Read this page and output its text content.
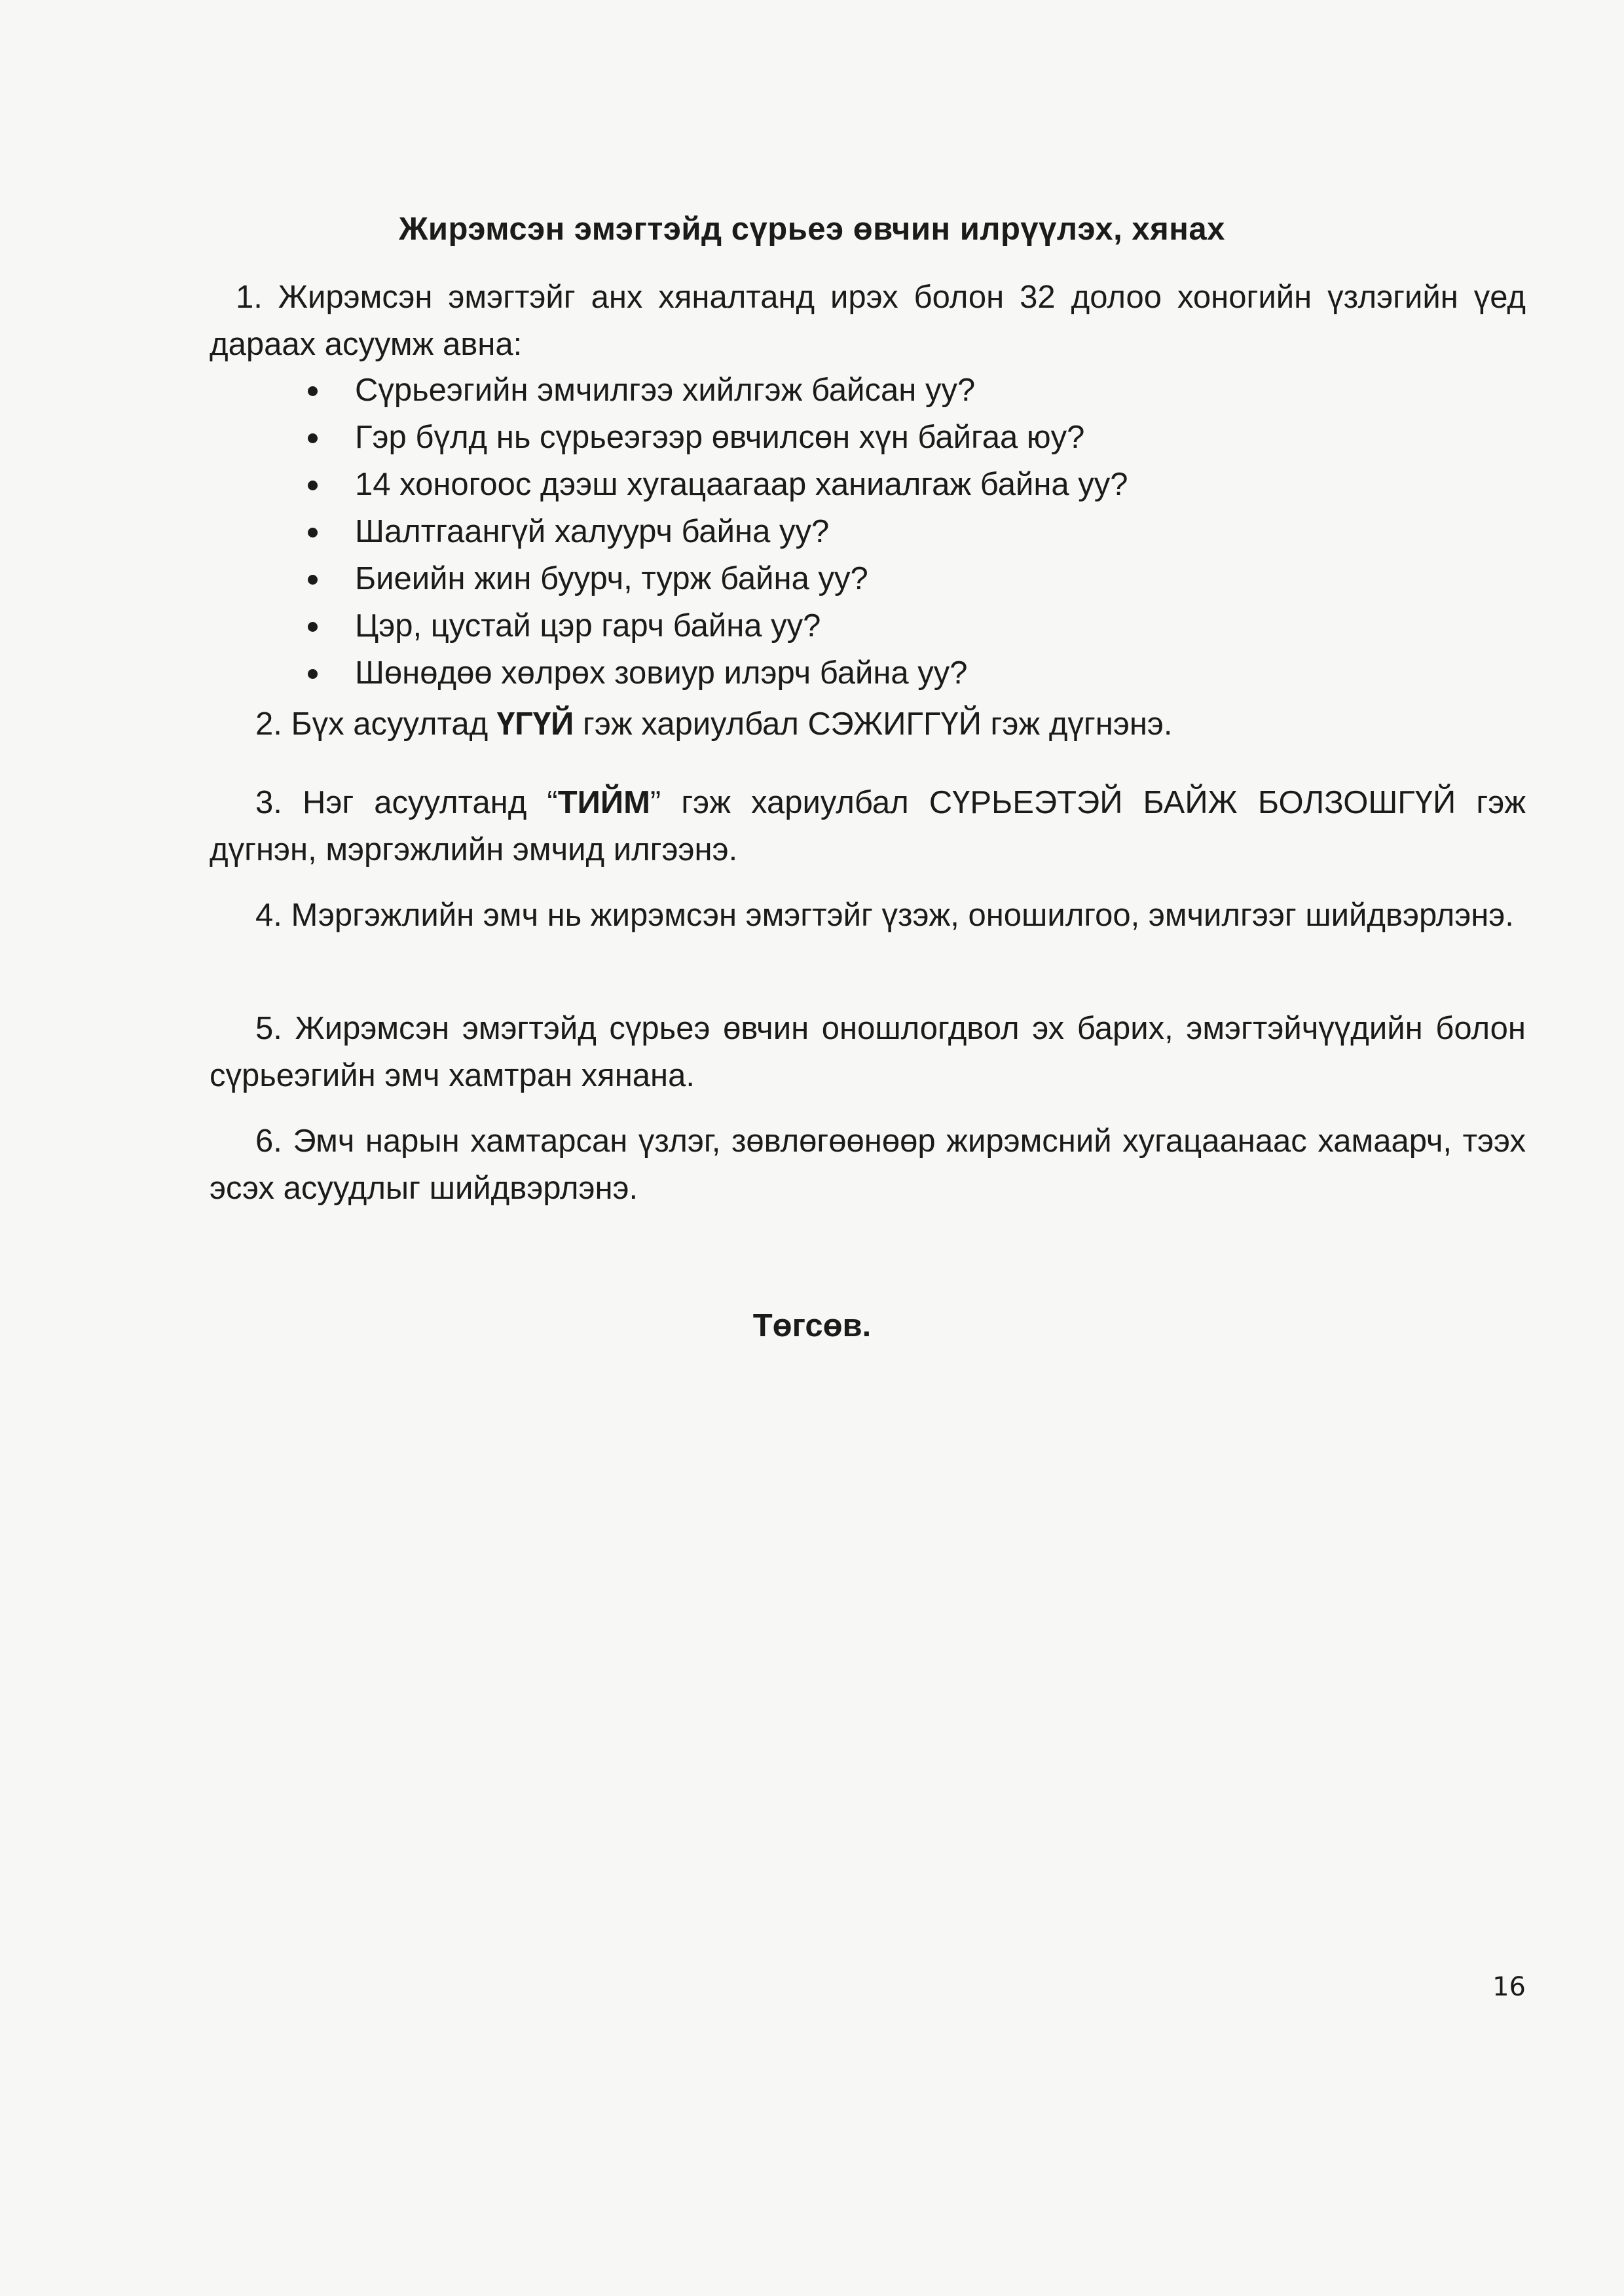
Жирэмсэн эмэгтэйд сүрьеэ өвчин илрүүлэх, хянах
1. Жирэмсэн эмэгтэйг анх хяналтанд ирэх болон 32 долоо хоногийн үзлэгийн үед дараах асуумж авна:
Сүрьеэгийн эмчилгээ хийлгэж байсан уу?
Гэр бүлд нь сүрьеэгээр өвчилсөн хүн байгаа юу?
14 хоногоос дээш хугацаагаар ханиалгаж байна уу?
Шалтгаангүй халуурч байна уу?
Биеийн жин буурч, турж байна уу?
Цэр, цустай цэр гарч байна уу?
Шөнөдөө хөлрөх зовиур илэрч байна уу?
2. Бүх асуултад ҮГҮЙ гэж хариулбал СЭЖИГГҮЙ гэж дүгнэнэ.
3. Нэг асуултанд “ТИЙМ” гэж хариулбал СҮРЬЕЭТЭЙ БАЙЖ БОЛЗОШГҮЙ гэж дүгнэн, мэргэжлийн эмчид илгээнэ.
4. Мэргэжлийн эмч нь жирэмсэн эмэгтэйг үзэж, оношилгоо, эмчилгээг шийдвэрлэнэ.
5. Жирэмсэн эмэгтэйд сүрьеэ өвчин оношлогдвол эх барих, эмэгтэйчүүдийн болон сүрьеэгийн эмч хамтран хянана.
6. Эмч нарын хамтарсан үзлэг, зөвлөгөөнөөр жирэмсний хугацаанаас хамаарч, тээх эсэх асуудлыг шийдвэрлэнэ.
Төгсөв.
16
